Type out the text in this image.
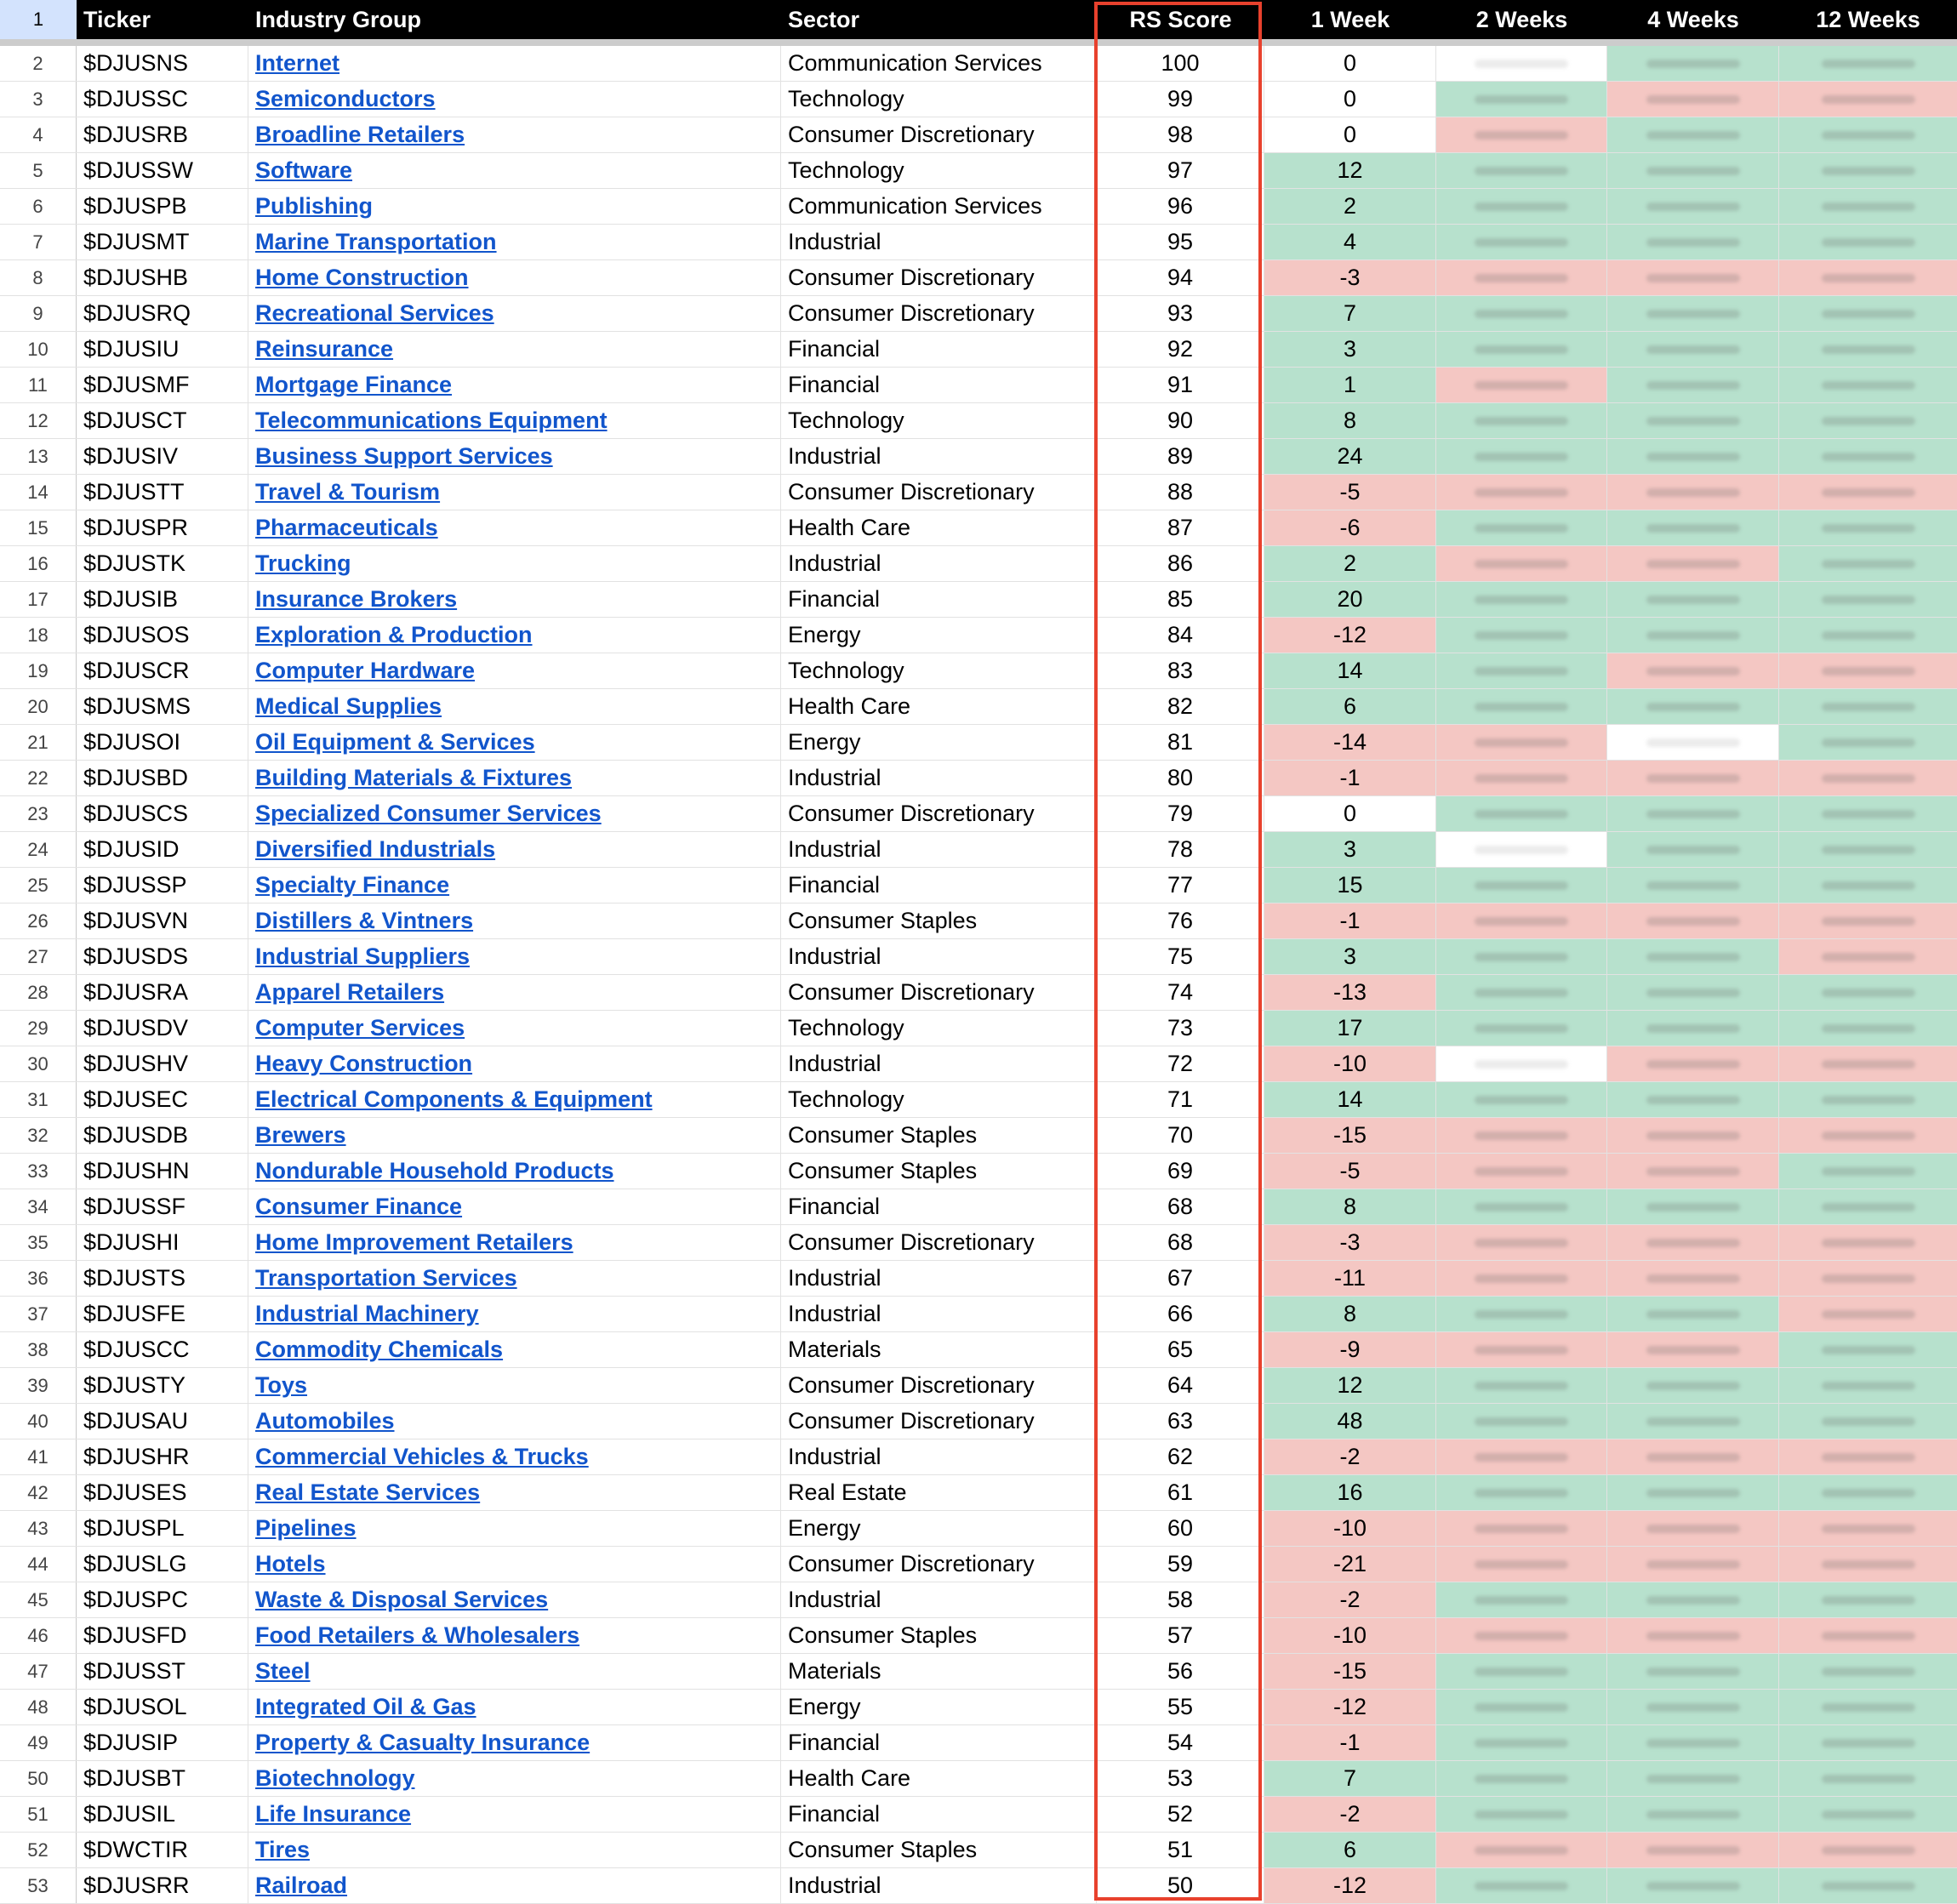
1	Ticker	Industry Group	Sector	RS Score	1 Week	2 Weeks	4 Weeks	12 Weeks
2	$DJUSNS	Internet	Communication Services	100	0
3	$DJUSSC	Semiconductors	Technology	99	0
4	$DJUSRB	Broadline Retailers	Consumer Discretionary	98	0
5	$DJUSSW	Software	Technology	97	12
6	$DJUSPB	Publishing	Communication Services	96	2
7	$DJUSMT	Marine Transportation	Industrial	95	4
8	$DJUSHB	Home Construction	Consumer Discretionary	94	-3
9	$DJUSRQ	Recreational Services	Consumer Discretionary	93	7
10	$DJUSIU	Reinsurance	Financial	92	3
11	$DJUSMF	Mortgage Finance	Financial	91	1
12	$DJUSCT	Telecommunications Equipment	Technology	90	8
13	$DJUSIV	Business Support Services	Industrial	89	24
14	$DJUSTT	Travel & Tourism	Consumer Discretionary	88	-5
15	$DJUSPR	Pharmaceuticals	Health Care	87	-6
16	$DJUSTK	Trucking	Industrial	86	2
17	$DJUSIB	Insurance Brokers	Financial	85	20
18	$DJUSOS	Exploration & Production	Energy	84	-12
19	$DJUSCR	Computer Hardware	Technology	83	14
20	$DJUSMS	Medical Supplies	Health Care	82	6
21	$DJUSOI	Oil Equipment & Services	Energy	81	-14
22	$DJUSBD	Building Materials & Fixtures	Industrial	80	-1
23	$DJUSCS	Specialized Consumer Services	Consumer Discretionary	79	0
24	$DJUSID	Diversified Industrials	Industrial	78	3
25	$DJUSSP	Specialty Finance	Financial	77	15
26	$DJUSVN	Distillers & Vintners	Consumer Staples	76	-1
27	$DJUSDS	Industrial Suppliers	Industrial	75	3
28	$DJUSRA	Apparel Retailers	Consumer Discretionary	74	-13
29	$DJUSDV	Computer Services	Technology	73	17
30	$DJUSHV	Heavy Construction	Industrial	72	-10
31	$DJUSEC	Electrical Components & Equipment	Technology	71	14
32	$DJUSDB	Brewers	Consumer Staples	70	-15
33	$DJUSHN	Nondurable Household Products	Consumer Staples	69	-5
34	$DJUSSF	Consumer Finance	Financial	68	8
35	$DJUSHI	Home Improvement Retailers	Consumer Discretionary	68	-3
36	$DJUSTS	Transportation Services	Industrial	67	-11
37	$DJUSFE	Industrial Machinery	Industrial	66	8
38	$DJUSCC	Commodity Chemicals	Materials	65	-9
39	$DJUSTY	Toys	Consumer Discretionary	64	12
40	$DJUSAU	Automobiles	Consumer Discretionary	63	48
41	$DJUSHR	Commercial Vehicles & Trucks	Industrial	62	-2
42	$DJUSES	Real Estate Services	Real Estate	61	16
43	$DJUSPL	Pipelines	Energy	60	-10
44	$DJUSLG	Hotels	Consumer Discretionary	59	-21
45	$DJUSPC	Waste & Disposal Services	Industrial	58	-2
46	$DJUSFD	Food Retailers & Wholesalers	Consumer Staples	57	-10
47	$DJUSST	Steel	Materials	56	-15
48	$DJUSOL	Integrated Oil & Gas	Energy	55	-12
49	$DJUSIP	Property & Casualty Insurance	Financial	54	-1
50	$DJUSBT	Biotechnology	Health Care	53	7
51	$DJUSIL	Life Insurance	Financial	52	-2
52	$DWCTIR	Tires	Consumer Staples	51	6
53	$DJUSRR	Railroad	Industrial	50	-12
